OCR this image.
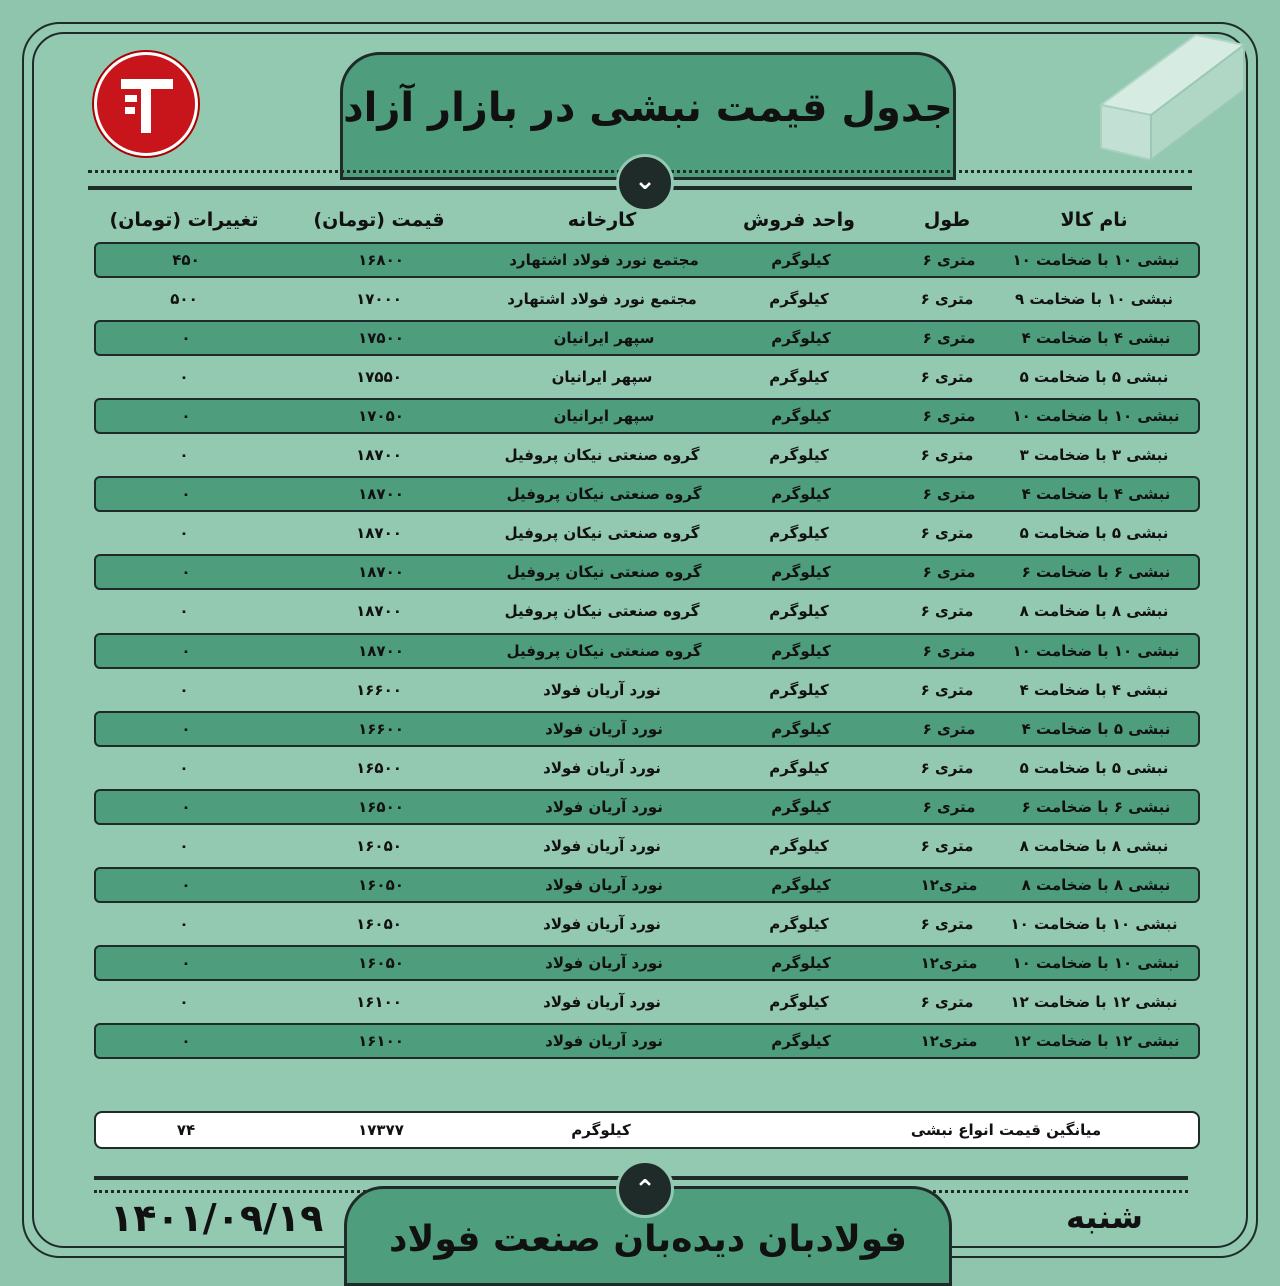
جدول قیمت نبشی در بازار آزاد
⌄
نام کالا
طول
واحد فروش
کارخانه
قیمت (تومان)
تغییرات (تومان)
نبشی ۱۰ با ضخامت ۱۰
متری ۶
کیلوگرم
مجتمع نورد فولاد اشتهارد
۱۶۸۰۰
۴۵۰
نبشی ۱۰ با ضخامت ۹
متری ۶
کیلوگرم
مجتمع نورد فولاد اشتهارد
۱۷۰۰۰
۵۰۰
نبشی ۴ با ضخامت ۴
متری ۶
کیلوگرم
سپهر ایرانیان
۱۷۵۰۰
۰
نبشی ۵ با ضخامت ۵
متری ۶
کیلوگرم
سپهر ایرانیان
۱۷۵۵۰
۰
نبشی ۱۰ با ضخامت ۱۰
متری ۶
کیلوگرم
سپهر ایرانیان
۱۷۰۵۰
۰
نبشی ۳ با ضخامت ۳
متری ۶
کیلوگرم
گروه صنعتی نیکان پروفیل
۱۸۷۰۰
۰
نبشی ۴ با ضخامت ۴
متری ۶
کیلوگرم
گروه صنعتی نیکان پروفیل
۱۸۷۰۰
۰
نبشی ۵ با ضخامت ۵
متری ۶
کیلوگرم
گروه صنعتی نیکان پروفیل
۱۸۷۰۰
۰
نبشی ۶ با ضخامت ۶
متری ۶
کیلوگرم
گروه صنعتی نیکان پروفیل
۱۸۷۰۰
۰
نبشی ۸ با ضخامت ۸
متری ۶
کیلوگرم
گروه صنعتی نیکان پروفیل
۱۸۷۰۰
۰
نبشی ۱۰ با ضخامت ۱۰
متری ۶
کیلوگرم
گروه صنعتی نیکان پروفیل
۱۸۷۰۰
۰
نبشی ۴ با ضخامت ۴
متری ۶
کیلوگرم
نورد آریان فولاد
۱۶۶۰۰
۰
نبشی ۵ با ضخامت ۴
متری ۶
کیلوگرم
نورد آریان فولاد
۱۶۶۰۰
۰
نبشی ۵ با ضخامت ۵
متری ۶
کیلوگرم
نورد آریان فولاد
۱۶۵۰۰
۰
نبشی ۶ با ضخامت ۶
متری ۶
کیلوگرم
نورد آریان فولاد
۱۶۵۰۰
۰
نبشی ۸ با ضخامت ۸
متری ۶
کیلوگرم
نورد آریان فولاد
۱۶۰۵۰
۰
نبشی ۸ با ضخامت ۸
متری۱۲
کیلوگرم
نورد آریان فولاد
۱۶۰۵۰
۰
نبشی ۱۰ با ضخامت ۱۰
متری ۶
کیلوگرم
نورد آریان فولاد
۱۶۰۵۰
۰
نبشی ۱۰ با ضخامت ۱۰
متری۱۲
کیلوگرم
نورد آریان فولاد
۱۶۰۵۰
۰
نبشی ۱۲ با ضخامت ۱۲
متری ۶
کیلوگرم
نورد آریان فولاد
۱۶۱۰۰
۰
نبشی ۱۲ با ضخامت ۱۲
متری۱۲
کیلوگرم
نورد آریان فولاد
۱۶۱۰۰
۰
میانگین قیمت انواع نبشی
کیلوگرم
۱۷۳۷۷
۷۴
فولادبان دیده‌بان صنعت فولاد
⌃
۱۴۰۱/۰۹/۱۹	شنبه
